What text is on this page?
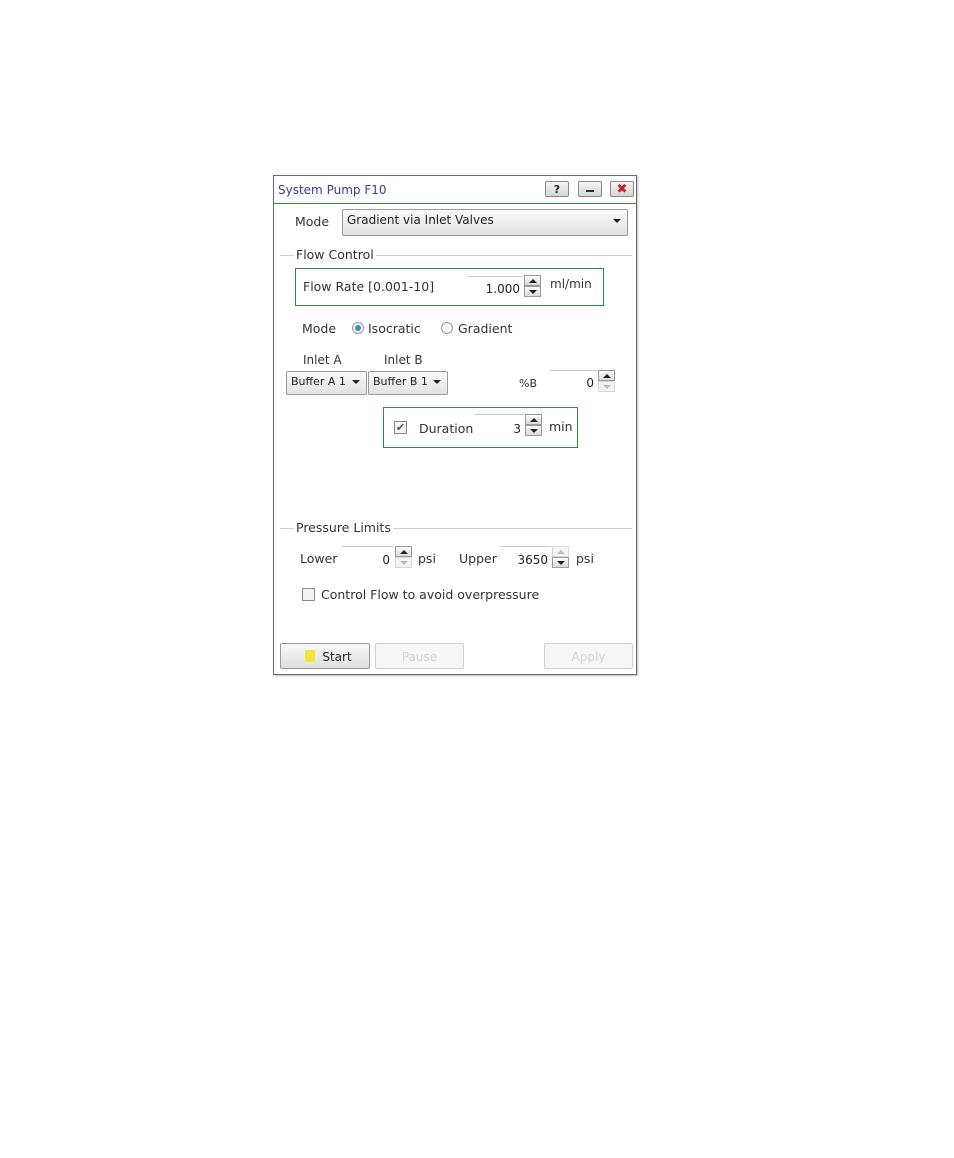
System Pump F10	?	✖
Mode Gradient via Inlet Valves
Flow Control
Flow Rate [0.001-10]	1.000	ml/min
Mode	Isocratic	Gradient
Inlet A	Inlet B
Buffer A 1 Buffer B 1	%B	0
✔ Duration	3 min
Pressure Limits
Lower	0 psi Upper	3650 psi
Control Flow to avoid overpressure
Start	Pause	Apply
